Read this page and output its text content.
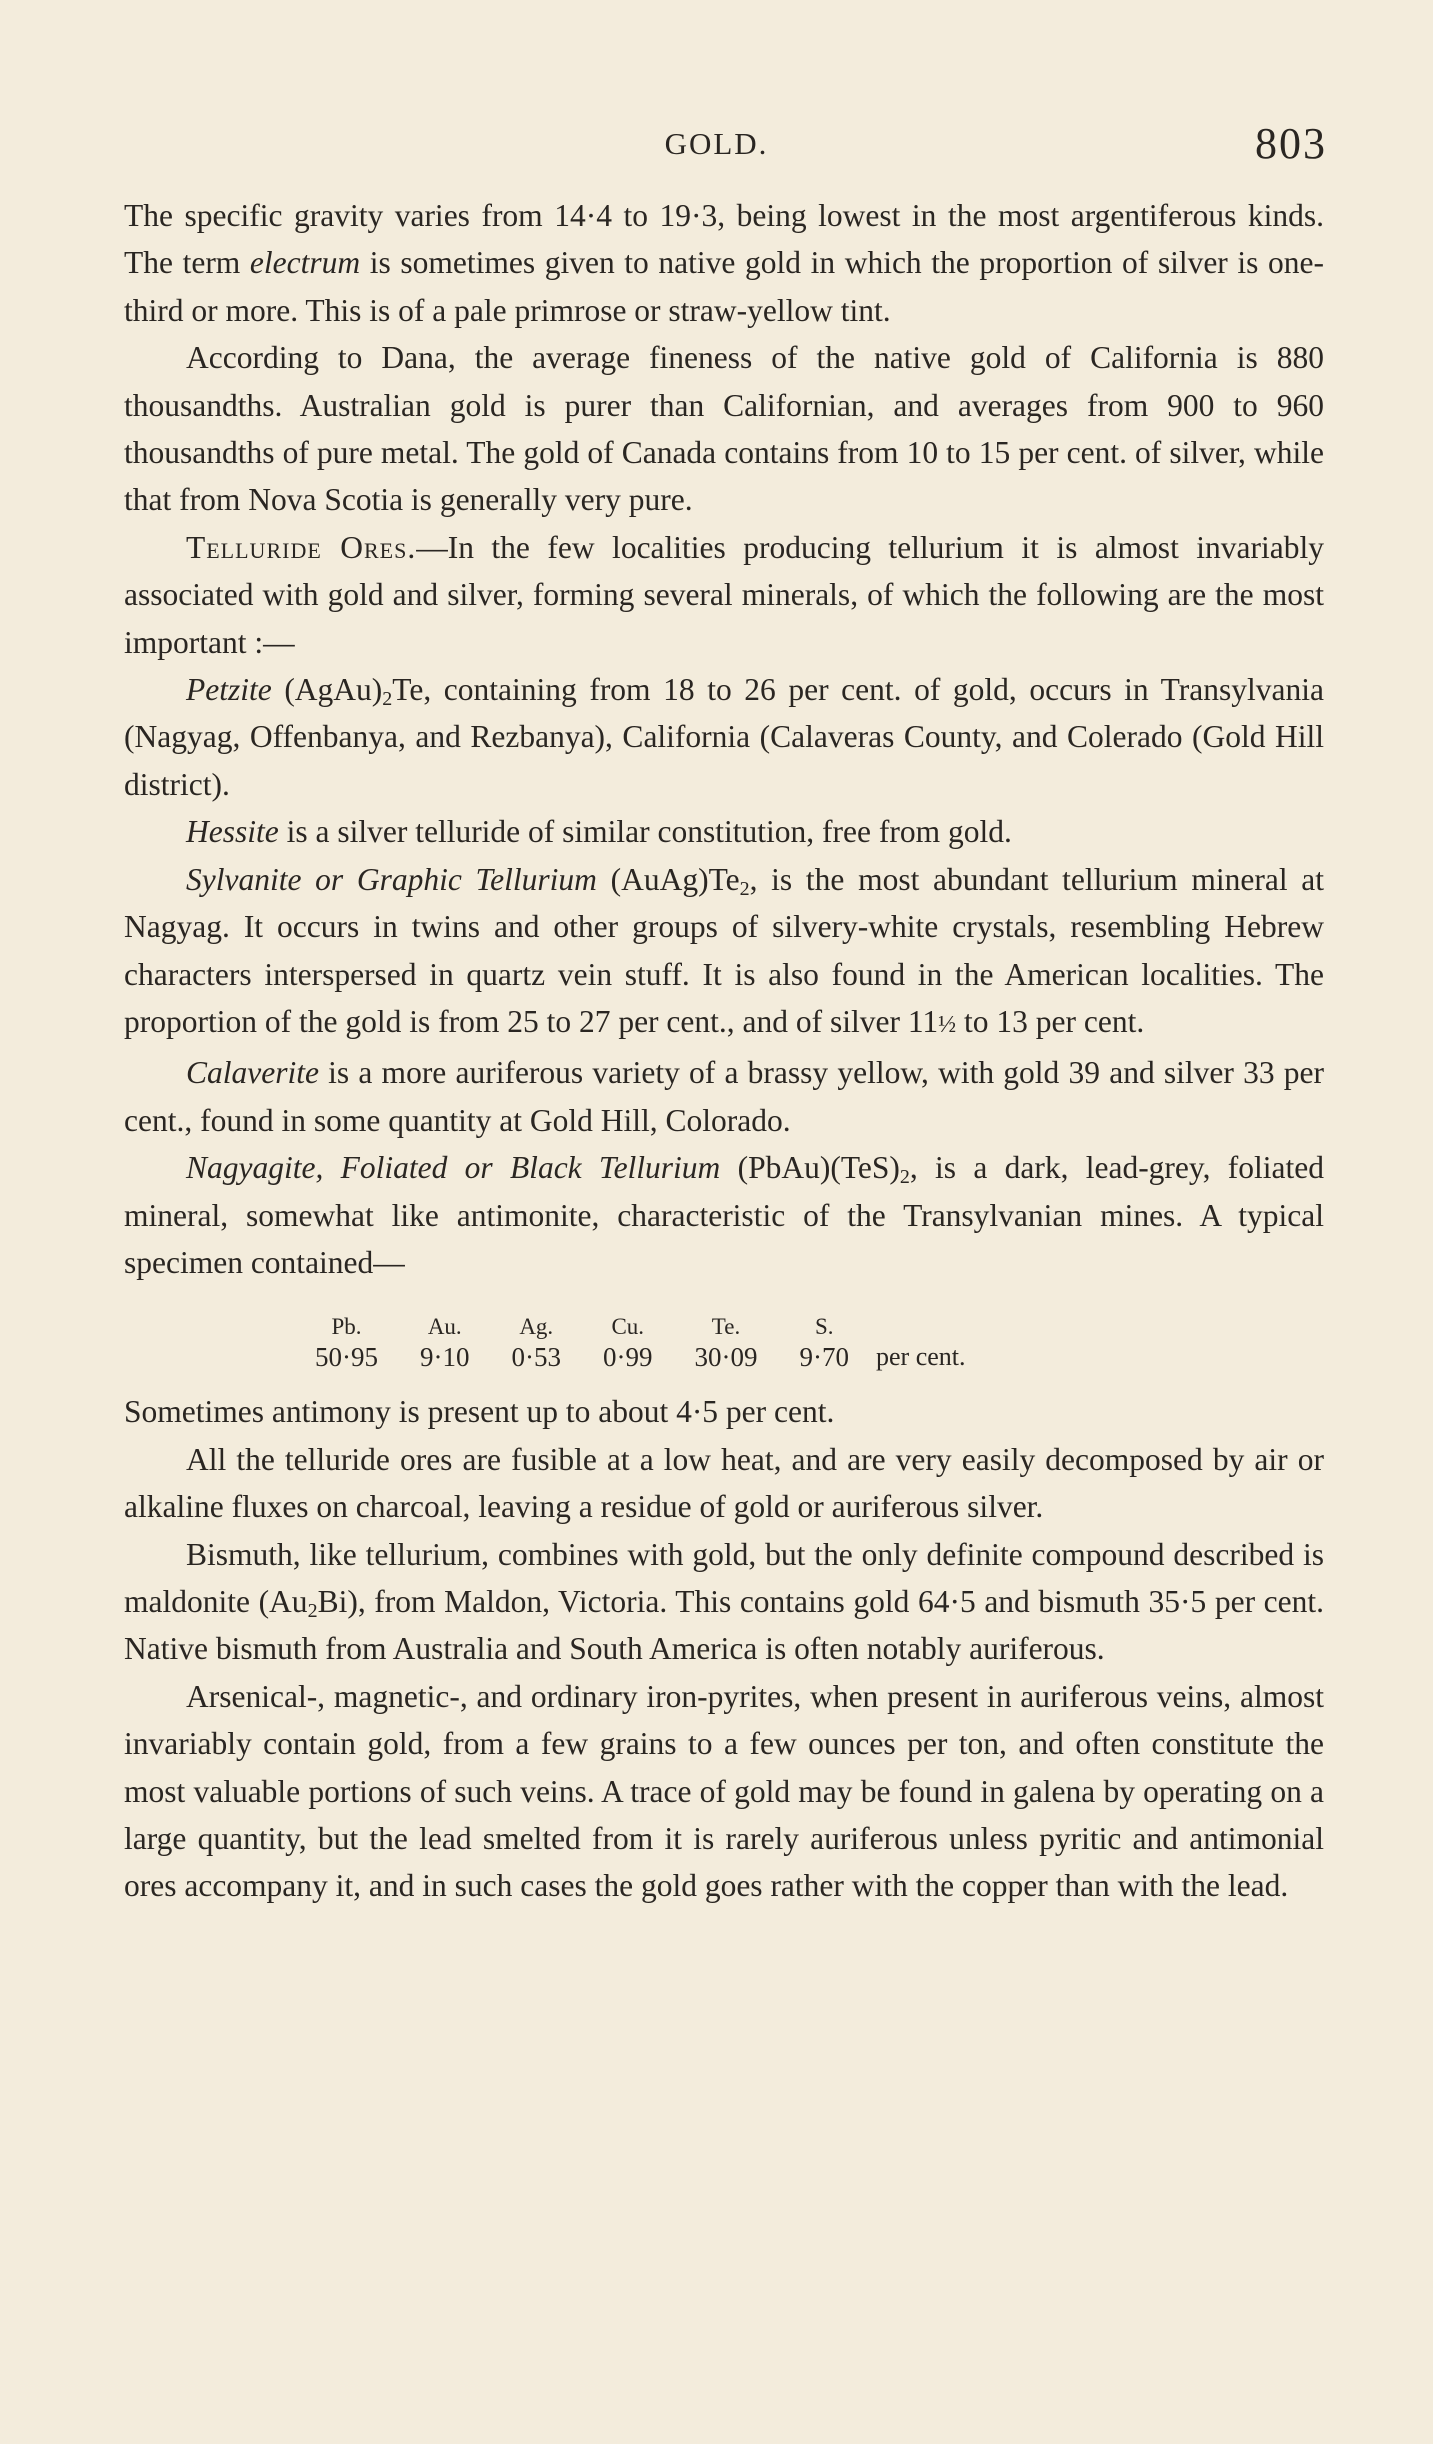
GOLD.	803

The specific gravity varies from 14·4 to 19·3, being lowest in the most argentiferous kinds. The term electrum is sometimes given to native gold in which the proportion of silver is one-third or more. This is of a pale primrose or straw-yellow tint.

According to Dana, the average fineness of the native gold of California is 880 thousandths. Australian gold is purer than Californian, and averages from 900 to 960 thousandths of pure metal. The gold of Canada contains from 10 to 15 per cent. of silver, while that from Nova Scotia is generally very pure.

Telluride Ores.—In the few localities producing tellurium it is almost invariably associated with gold and silver, forming several minerals, of which the following are the most important :—

Petzite $(AgAu)_2Te$, containing from 18 to 26 per cent. of gold, occurs in Transylvania (Nagyag, Offenbanya, and Rezbanya), California (Calaveras County, and Colerado (Gold Hill district).

Hessite is a silver telluride of similar constitution, free from gold.

Sylvanite or Graphic Tellurium $(AuAg)Te_2$, is the most abundant tellurium mineral at Nagyag. It occurs in twins and other groups of silvery-white crystals, resembling Hebrew characters interspersed in quartz vein stuff. It is also found in the American localities. The proportion of the gold is from 25 to 27 per cent., and of silver 11½ to 13 per cent.

Calaverite is a more auriferous variety of a brassy yellow, with gold 39 and silver 33 per cent., found in some quantity at Gold Hill, Colorado.

Nagyagite, Foliated or Black Tellurium $(PbAu)(TeS)_2$, is a dark, lead-grey, foliated mineral, somewhat like antimonite, characteristic of the Transylvanian mines. A typical specimen contained—

Pb.	Au.	Ag.	Cu.	Te.	S.	
50·95	9·10	0·53	0·99	30·09	9·70	per cent.

Sometimes antimony is present up to about 4·5 per cent.

All the telluride ores are fusible at a low heat, and are very easily decomposed by air or alkaline fluxes on charcoal, leaving a residue of gold or auriferous silver.

Bismuth, like tellurium, combines with gold, but the only definite compound described is maldonite $(Au_2Bi)$, from Maldon, Victoria. This contains gold 64·5 and bismuth 35·5 per cent. Native bismuth from Australia and South America is often notably auriferous.

Arsenical-, magnetic-, and ordinary iron-pyrites, when present in auriferous veins, almost invariably contain gold, from a few grains to a few ounces per ton, and often constitute the most valuable portions of such veins. A trace of gold may be found in galena by operating on a large quantity, but the lead smelted from it is rarely auriferous unless pyritic and antimonial ores accompany it, and in such cases the gold goes rather with the copper than with the lead.
